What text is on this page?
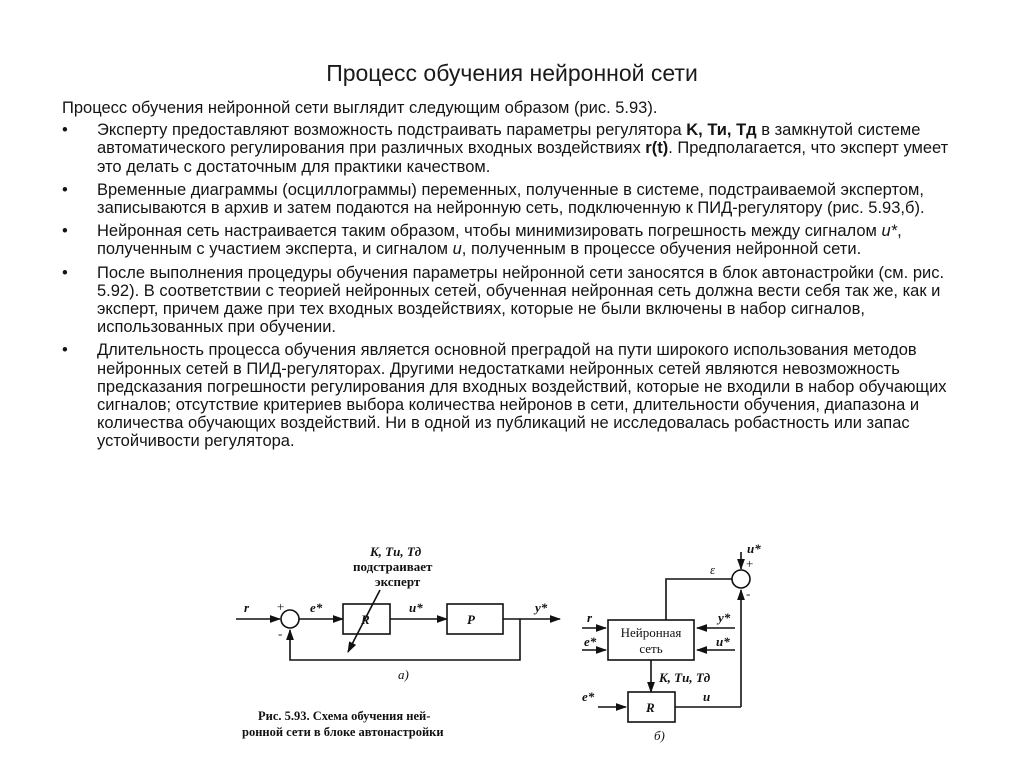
Процесс обучения нейронной сети

Процесс обучения нейронной сети выглядит следующим образом (рис. 5.93).

• Эксперту предоставляют возможность подстраивать параметры регулятора K, Ти, Тд в замкнутой системе автоматического регулирования при различных входных воздействиях r(t). Предполагается, что эксперт умеет это делать с достаточным для практики качеством.
• Временные диаграммы (осциллограммы) переменных, полученные в системе, подстраиваемой экспертом, записываются в архив и затем подаются на нейронную сеть, подключенную к ПИД-регулятору (рис. 5.93,б).
• Нейронная сеть настраивается таким образом, чтобы минимизировать погрешность между сигналом u*, полученным с участием эксперта, и сигналом u, полученным в процессе обучения нейронной сети.
• После выполнения процедуры обучения параметры нейронной сети заносятся в блок автонастройки (см. рис. 5.92). В соответствии с теорией нейронных сетей, обученная нейронная сеть должна вести себя так же, как и эксперт, причем даже при тех входных воздействиях, которые не были включены в набор сигналов, использованных при обучении.
• Длительность процесса обучения является основной преградой на пути широкого использования методов нейронных сетей в ПИД-регуляторах. Другими недостатками нейронных сетей являются невозможность предсказания погрешности регулирования для входных воздействий, которые не входили в набор обучающих сигналов; отсутствие критериев выбора количества нейронов в сети, длительности обучения, диапазона и количества обучающих воздействий. Ни в одной из публикаций не исследовалась робастность или запас устойчивости регулятора.
K, Tи, Tд
подстраивает
эксперт
r +
-
e*
R
u*
P
y*
а)
u*
+
-
ε
r	y*
e*	u*
Нейронная
сеть
K, Tи, Tд
e*
R
u
б)
Рис. 5.93. Схема обучения ней-
ронной сети в блоке автонастройки
